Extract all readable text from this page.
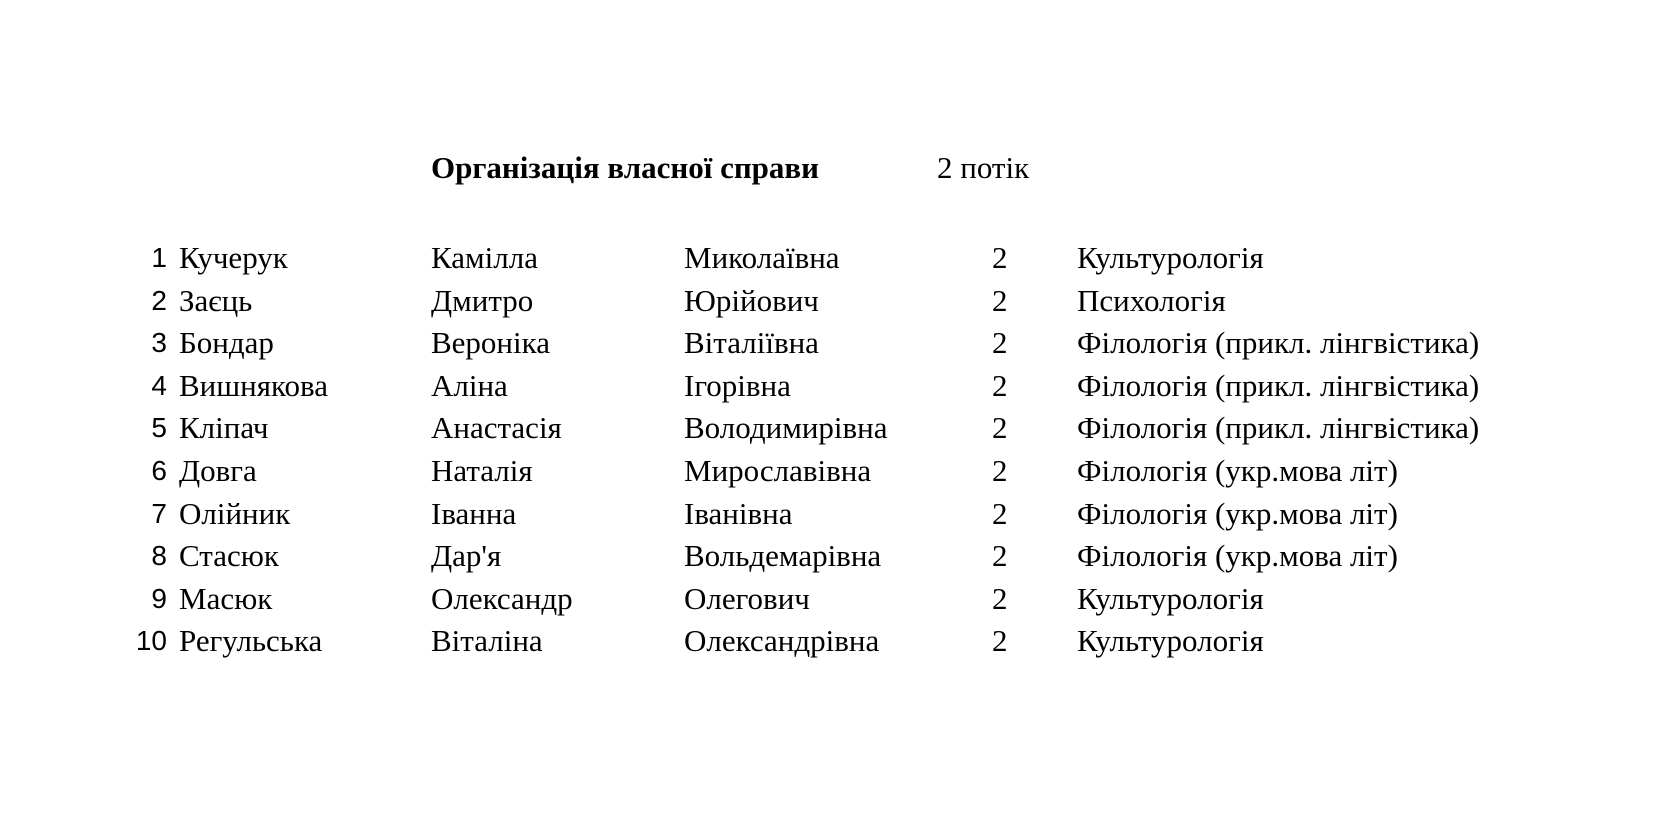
Організація власної справи	2 потік
1 Кучерук	Камілла	Миколаївна	2 Культурологія
2 Заєць	Дмитро	Юрійович	2 Психологія
3 Бондар	Вероніка	Віталіївна	2 Філологія (прикл. лінгвістика)
4 Вишнякова	Аліна	Ігорівна	2 Філологія (прикл. лінгвістика)
5 Кліпач	Анастасія	Володимирівна	2 Філологія (прикл. лінгвістика)
6 Довга	Наталія	Мирославівна	2 Філологія (укр.мова літ)
7 Олійник	Іванна	Іванівна	2 Філологія (укр.мова літ)
8 Стасюк	Дар'я	Вольдемарівна	2 Філологія (укр.мова літ)
9 Масюк	Олександр	Олегович	2 Культурологія
10 Регульська	Віталіна	Олександрівна	2 Культурологія
